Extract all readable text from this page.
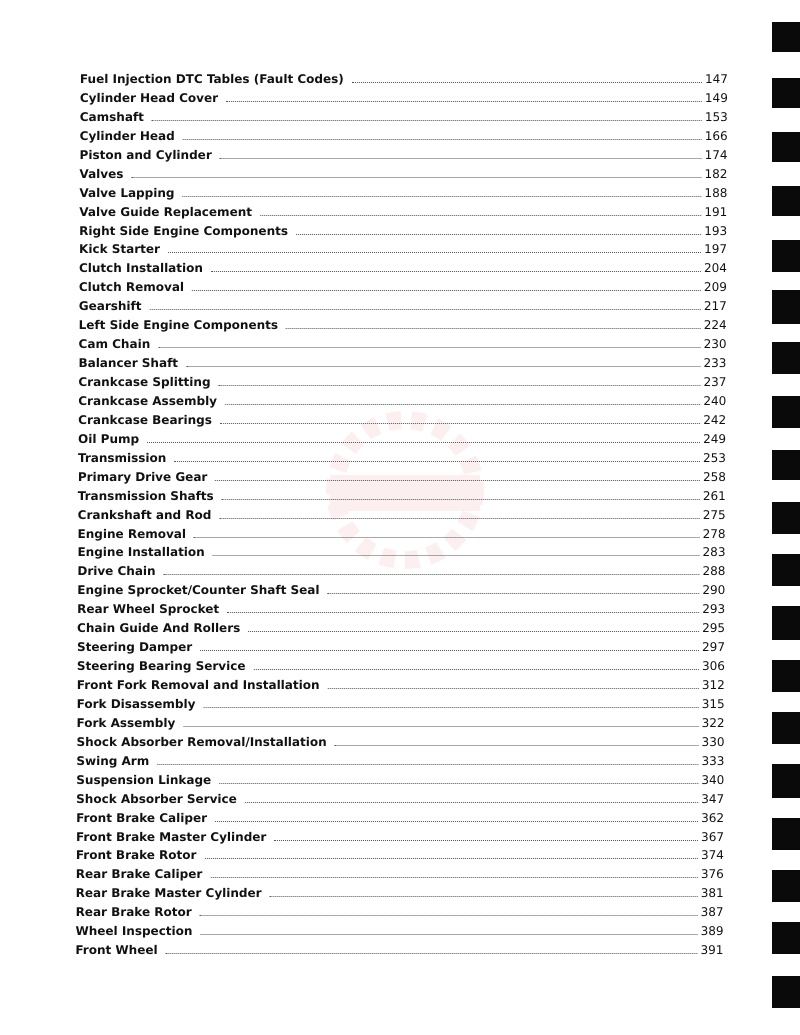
Fuel Injection DTC Tables (Fault Codes)	147
Cylinder Head Cover	149
Camshaft	153
Cylinder Head	166
Piston and Cylinder	174
Valves	182
Valve Lapping	188
Valve Guide Replacement	191
Right Side Engine Components	193
Kick Starter	197
Clutch Installation	204
Clutch Removal	209
Gearshift	217
Left Side Engine Components	224
Cam Chain	230
Balancer Shaft	233
Crankcase Splitting	237
Crankcase Assembly	240
Crankcase Bearings	242
Oil Pump	249
Transmission	253
Primary Drive Gear	258
Transmission Shafts	261
Crankshaft and Rod	275
Engine Removal	278
Engine Installation	283
Drive Chain	288
Engine Sprocket/Counter Shaft Seal	290
Rear Wheel Sprocket	293
Chain Guide And Rollers	295
Steering Damper	297
Steering Bearing Service	306
Front Fork Removal and Installation	312
Fork Disassembly	315
Fork Assembly	322
Shock Absorber Removal/Installation	330
Swing Arm	333
Suspension Linkage	340
Shock Absorber Service	347
Front Brake Caliper	362
Front Brake Master Cylinder	367
Front Brake Rotor	374
Rear Brake Caliper	376
Rear Brake Master Cylinder	381
Rear Brake Rotor	387
Wheel Inspection	389
Front Wheel	391
